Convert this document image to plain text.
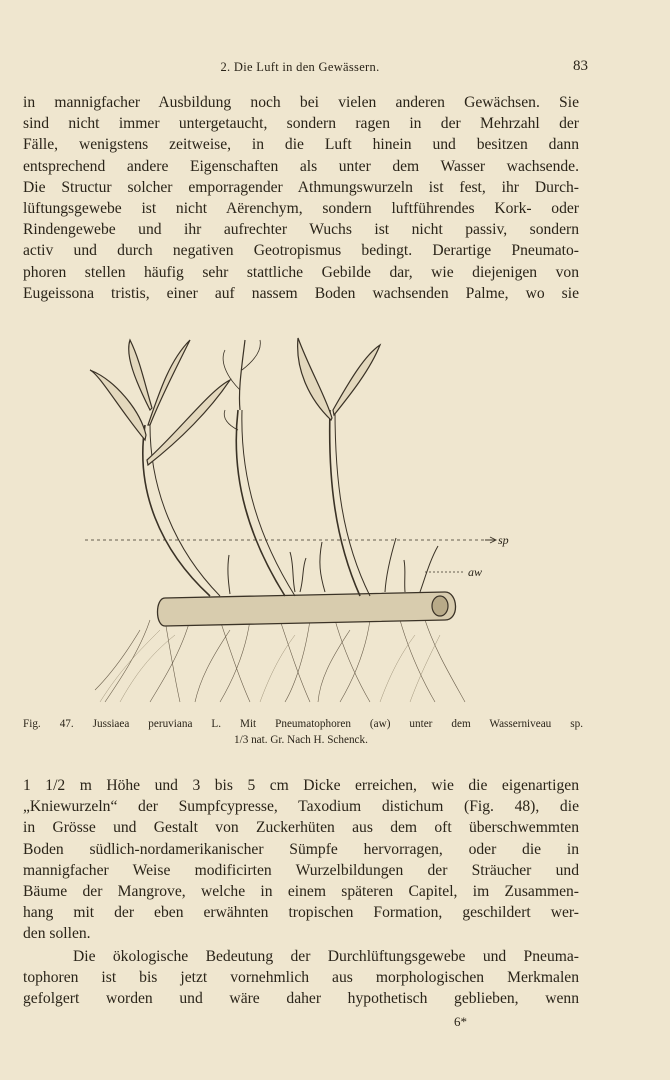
2. Die Luft in den Gewässern.	83
in mannigfacher Ausbildung noch bei vielen anderen Gewächsen. Sie
sind nicht immer untergetaucht, sondern ragen in der Mehrzahl der
Fälle, wenigstens zeitweise, in die Luft hinein und besitzen dann
entsprechend andere Eigenschaften als unter dem Wasser wachsende.
Die Structur solcher emporragender Athmungswurzeln ist fest, ihr Durch-
lüftungsgewebe ist nicht Aërenchym, sondern luftführendes Kork- oder
Rindengewebe und ihr aufrechter Wuchs ist nicht passiv, sondern
activ und durch negativen Geotropismus bedingt. Derartige Pneumato-
phoren stellen häufig sehr stattliche Gebilde dar, wie diejenigen von
Eugeissona tristis, einer auf nassem Boden wachsenden Palme, wo sie
sp
aw
Fig. 47. Jussiaea peruviana L. Mit Pneumatophoren (aw) unter dem Wasserniveau sp.
1/3 nat. Gr. Nach H. Schenck.
1 1/2 m Höhe und 3 bis 5 cm Dicke erreichen, wie die eigenartigen
„Kniewurzeln“ der Sumpfcypresse, Taxodium distichum (Fig. 48), die
in Grösse und Gestalt von Zuckerhüten aus dem oft überschwemmten
Boden südlich-nordamerikanischer Sümpfe hervorragen, oder die in
mannigfacher Weise modificirten Wurzelbildungen der Sträucher und
Bäume der Mangrove, welche in einem späteren Capitel, im Zusammen-
hang mit der eben erwähnten tropischen Formation, geschildert wer-
den sollen.
Die ökologische Bedeutung der Durchlüftungsgewebe und Pneuma-
tophoren ist bis jetzt vornehmlich aus morphologischen Merkmalen
gefolgert worden und wäre daher hypothetisch geblieben, wenn
6*
